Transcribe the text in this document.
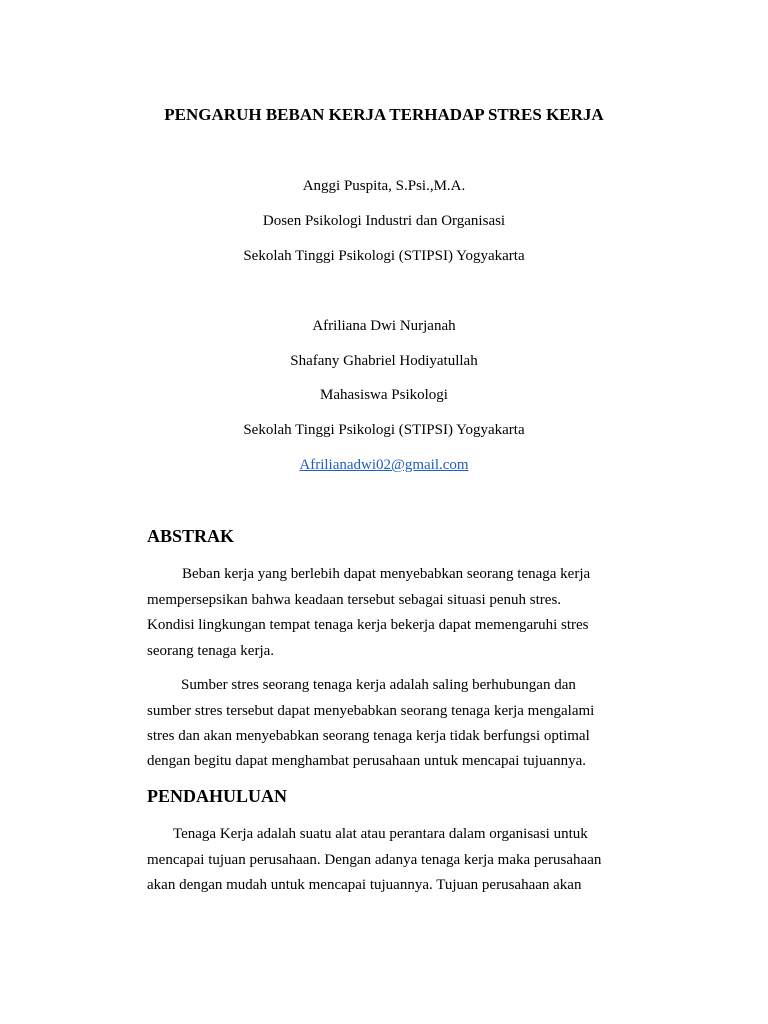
PENGARUH BEBAN KERJA TERHADAP STRES KERJA
Anggi Puspita, S.Psi.,M.A.
Dosen Psikologi Industri dan Organisasi
Sekolah Tinggi Psikologi (STIPSI) Yogyakarta
Afriliana Dwi Nurjanah
Shafany Ghabriel Hodiyatullah
Mahasiswa Psikologi
Sekolah Tinggi Psikologi (STIPSI) Yogyakarta
Afrilianadwi02@gmail.com
ABSTRAK
Beban kerja yang berlebih dapat menyebabkan seorang tenaga kerja
mempersepsikan bahwa keadaan tersebut sebagai situasi penuh stres.
Kondisi lingkungan tempat tenaga kerja bekerja dapat memengaruhi stres
seorang tenaga kerja.
Sumber stres seorang tenaga kerja adalah saling berhubungan dan
sumber stres tersebut dapat menyebabkan seorang tenaga kerja mengalami
stres dan akan menyebabkan seorang tenaga kerja tidak berfungsi optimal
dengan begitu dapat menghambat perusahaan untuk mencapai tujuannya.
PENDAHULUAN
Tenaga Kerja adalah suatu alat atau perantara dalam organisasi untuk
mencapai tujuan perusahaan. Dengan adanya tenaga kerja maka perusahaan
akan dengan mudah untuk mencapai tujuannya. Tujuan perusahaan akan
